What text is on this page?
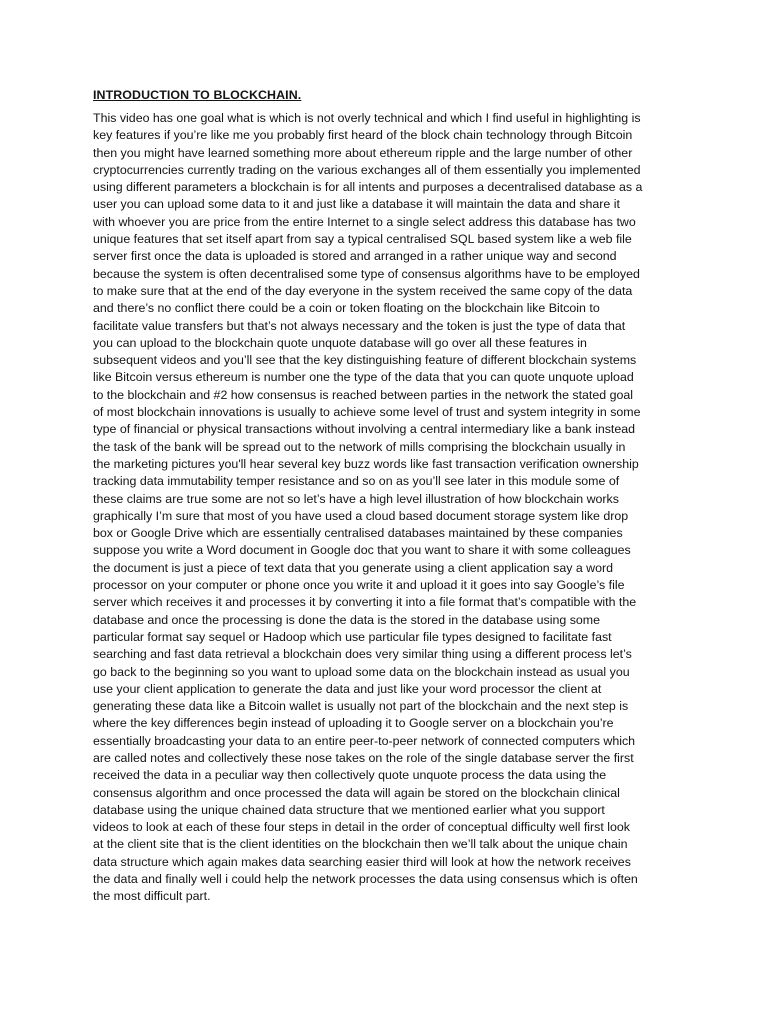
INTRODUCTION TO BLOCKCHAIN.
This video has one goal what is which is not overly technical and which I find useful in highlighting is
key features if you’re like me you probably first heard of the block chain technology through Bitcoin
then you might have learned something more about ethereum ripple and the large number of other
cryptocurrencies currently trading on the various exchanges all of them essentially you implemented
using different parameters a blockchain is for all intents and purposes a decentralised database as a
user you can upload some data to it and just like a database it will maintain the data and share it
with whoever you are price from the entire Internet to a single select address this database has two
unique features that set itself apart from say a typical centralised SQL based system like a web file
server first once the data is uploaded is stored and arranged in a rather unique way and second
because the system is often decentralised some type of consensus algorithms have to be employed
to make sure that at the end of the day everyone in the system received the same copy of the data
and there’s no conflict there could be a coin or token floating on the blockchain like Bitcoin to
facilitate value transfers but that’s not always necessary and the token is just the type of data that
you can upload to the blockchain quote unquote database will go over all these features in
subsequent videos and you’ll see that the key distinguishing feature of different blockchain systems
like Bitcoin versus ethereum is number one the type of the data that you can quote unquote upload
to the blockchain and #2 how consensus is reached between parties in the network the stated goal
of most blockchain innovations is usually to achieve some level of trust and system integrity in some
type of financial or physical transactions without involving a central intermediary like a bank instead
the task of the bank will be spread out to the network of mills comprising the blockchain usually in
the marketing pictures you'll hear several key buzz words like fast transaction verification ownership
tracking data immutability temper resistance and so on as you’ll see later in this module some of
these claims are true some are not so let’s have a high level illustration of how blockchain works
graphically I’m sure that most of you have used a cloud based document storage system like drop
box or Google Drive which are essentially centralised databases maintained by these companies
suppose you write a Word document in Google doc that you want to share it with some colleagues
the document is just a piece of text data that you generate using a client application say a word
processor on your computer or phone once you write it and upload it it goes into say Google’s file
server which receives it and processes it by converting it into a file format that’s compatible with the
database and once the processing is done the data is the stored in the database using some
particular format say sequel or Hadoop which use particular file types designed to facilitate fast
searching and fast data retrieval a blockchain does very similar thing using a different process let’s
go back to the beginning so you want to upload some data on the blockchain instead as usual you
use your client application to generate the data and just like your word processor the client at
generating these data like a Bitcoin wallet is usually not part of the blockchain and the next step is
where the key differences begin instead of uploading it to Google server on a blockchain you’re
essentially broadcasting your data to an entire peer-to-peer network of connected computers which
are called notes and collectively these nose takes on the role of the single database server the first
received the data in a peculiar way then collectively quote unquote process the data using the
consensus algorithm and once processed the data will again be stored on the blockchain clinical
database using the unique chained data structure that we mentioned earlier what you support
videos to look at each of these four steps in detail in the order of conceptual difficulty well first look
at the client site that is the client identities on the blockchain then we’ll talk about the unique chain
data structure which again makes data searching easier third will look at how the network receives
the data and finally well i could help the network processes the data using consensus which is often
the most difficult part.
